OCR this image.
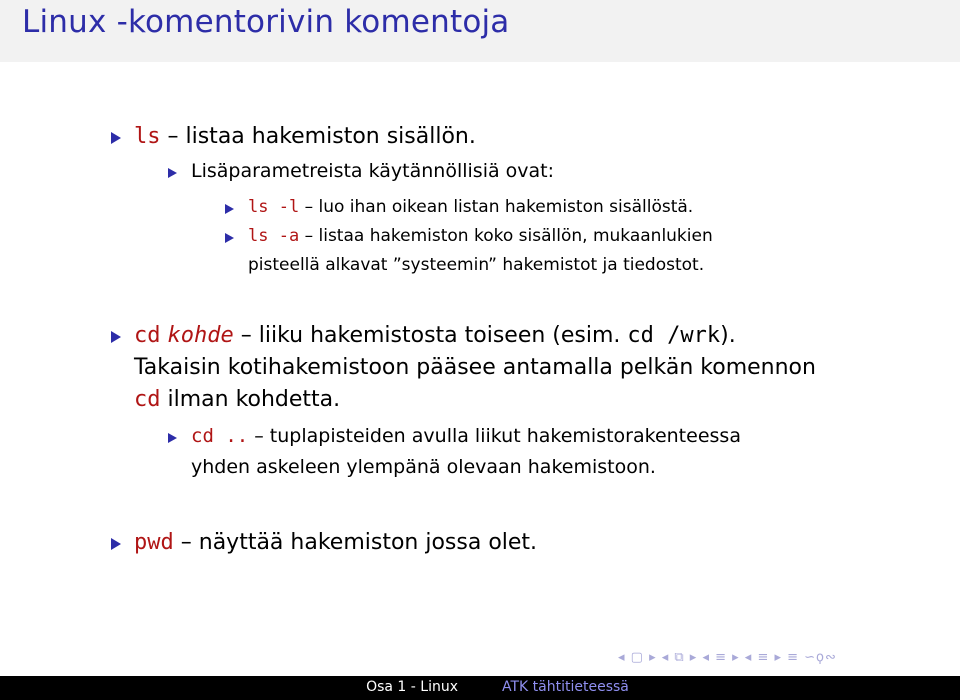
Linux -komentorivin komentoja
ls – listaa hakemiston sisällön.
Lisäparametreista käytännöllisiä ovat:
ls -l – luo ihan oikean listan hakemiston sisällöstä.
ls -a – listaa hakemiston koko sisällön, mukaanlukien
pisteellä alkavat ”systeemin” hakemistot ja tiedostot.
cd kohde – liiku hakemistosta toiseen (esim. cd /wrk).
Takaisin kotihakemistoon pääsee antamalla pelkän komennon
cd ilman kohdetta.
cd .. – tuplapisteiden avulla liikut hakemistorakenteessa
yhden askeleen ylempänä olevaan hakemistoon.
pwd – näyttää hakemiston jossa olet.
◂ ▢ ▸ ◂ ⧉ ▸ ◂ ≡ ▸ ◂ ≡ ▸ ≡ ∽ϙ∾
Osa 1 - Linux	ATK tähtitieteessä
